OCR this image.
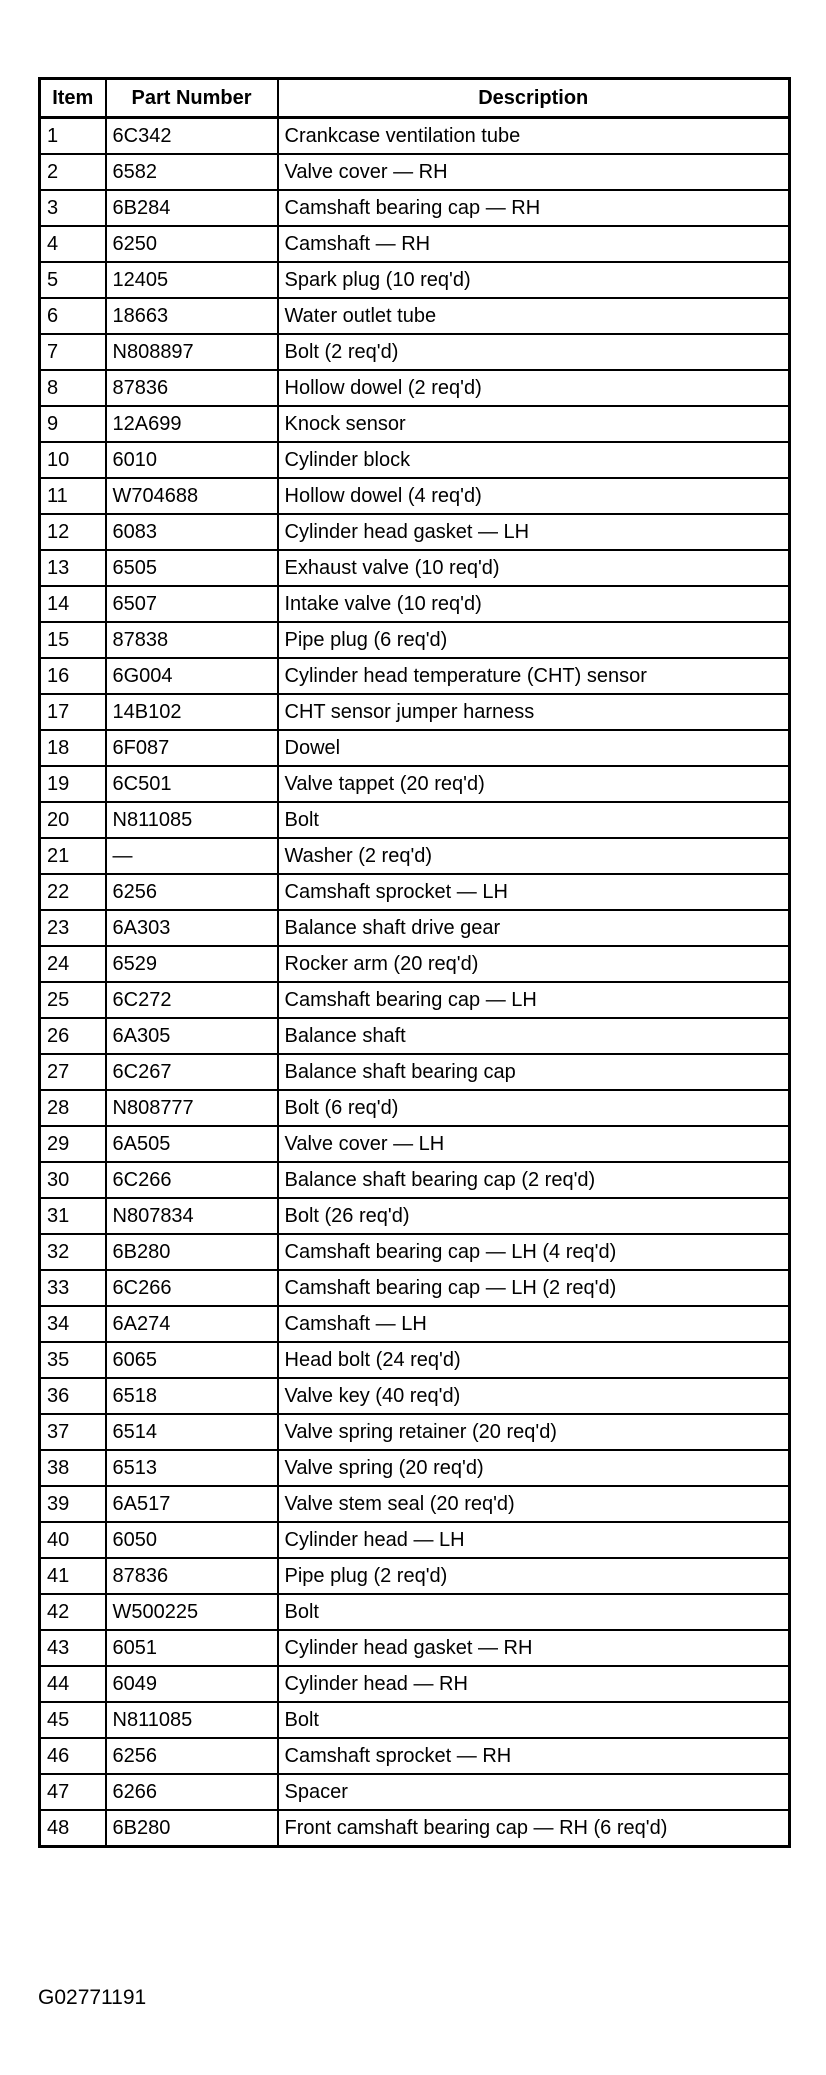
Item	Part Number	Description
1	6C342	Crankcase ventilation tube
2	6582	Valve cover — RH
3	6B284	Camshaft bearing cap — RH
4	6250	Camshaft — RH
5	12405	Spark plug (10 req'd)
6	18663	Water outlet tube
7	N808897	Bolt (2 req'd)
8	87836	Hollow dowel (2 req'd)
9	12A699	Knock sensor
10	6010	Cylinder block
11	W704688	Hollow dowel (4 req'd)
12	6083	Cylinder head gasket — LH
13	6505	Exhaust valve (10 req'd)
14	6507	Intake valve (10 req'd)
15	87838	Pipe plug (6 req'd)
16	6G004	Cylinder head temperature (CHT) sensor
17	14B102	CHT sensor jumper harness
18	6F087	Dowel
19	6C501	Valve tappet (20 req'd)
20	N811085	Bolt
21	—	Washer (2 req'd)
22	6256	Camshaft sprocket — LH
23	6A303	Balance shaft drive gear
24	6529	Rocker arm (20 req'd)
25	6C272	Camshaft bearing cap — LH
26	6A305	Balance shaft
27	6C267	Balance shaft bearing cap
28	N808777	Bolt (6 req'd)
29	6A505	Valve cover — LH
30	6C266	Balance shaft bearing cap (2 req'd)
31	N807834	Bolt (26 req'd)
32	6B280	Camshaft bearing cap — LH (4 req'd)
33	6C266	Camshaft bearing cap — LH (2 req'd)
34	6A274	Camshaft — LH
35	6065	Head bolt (24 req'd)
36	6518	Valve key (40 req'd)
37	6514	Valve spring retainer (20 req'd)
38	6513	Valve spring (20 req'd)
39	6A517	Valve stem seal (20 req'd)
40	6050	Cylinder head — LH
41	87836	Pipe plug (2 req'd)
42	W500225	Bolt
43	6051	Cylinder head gasket — RH
44	6049	Cylinder head — RH
45	N811085	Bolt
46	6256	Camshaft sprocket — RH
47	6266	Spacer
48	6B280	Front camshaft bearing cap — RH (6 req'd)
G02771191
